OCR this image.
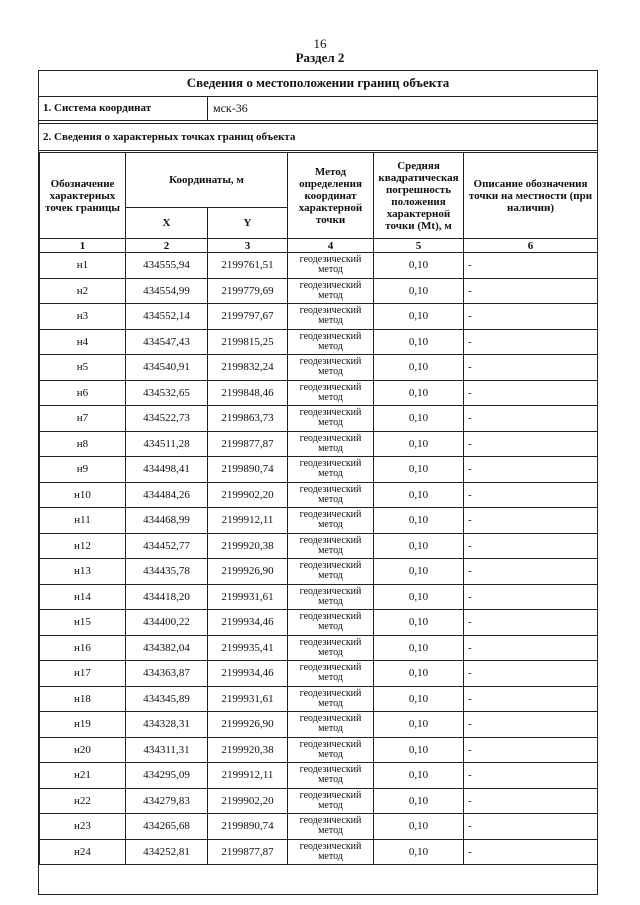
16
Раздел 2
Сведения о местоположении границ объекта
1. Система координат	мск-36
2. Сведения о характерных точках границ объекта
Обозначение характерных точек границы	Координаты, м		Метод определения координат характерной точки	Средняя квадратическая погрешность положения характерной точки (Мt), м	Описание обозначения точки на местности (при наличии)
	X	Y			
1	2	3	4	5	6
н1	434555,94	2199761,51	геодезический метод	0,10	-
н2	434554,99	2199779,69	геодезический метод	0,10	-
н3	434552,14	2199797,67	геодезический метод	0,10	-
н4	434547,43	2199815,25	геодезический метод	0,10	-
н5	434540,91	2199832,24	геодезический метод	0,10	-
н6	434532,65	2199848,46	геодезический метод	0,10	-
н7	434522,73	2199863,73	геодезический метод	0,10	-
н8	434511,28	2199877,87	геодезический метод	0,10	-
н9	434498,41	2199890,74	геодезический метод	0,10	-
н10	434484,26	2199902,20	геодезический метод	0,10	-
н11	434468,99	2199912,11	геодезический метод	0,10	-
н12	434452,77	2199920,38	геодезический метод	0,10	-
н13	434435,78	2199926,90	геодезический метод	0,10	-
н14	434418,20	2199931,61	геодезический метод	0,10	-
н15	434400,22	2199934,46	геодезический метод	0,10	-
н16	434382,04	2199935,41	геодезический метод	0,10	-
н17	434363,87	2199934,46	геодезический метод	0,10	-
н18	434345,89	2199931,61	геодезический метод	0,10	-
н19	434328,31	2199926,90	геодезический метод	0,10	-
н20	434311,31	2199920,38	геодезический метод	0,10	-
н21	434295,09	2199912,11	геодезический метод	0,10	-
н22	434279,83	2199902,20	геодезический метод	0,10	-
н23	434265,68	2199890,74	геодезический метод	0,10	-
н24	434252,81	2199877,87	геодезический метод	0,10	-
